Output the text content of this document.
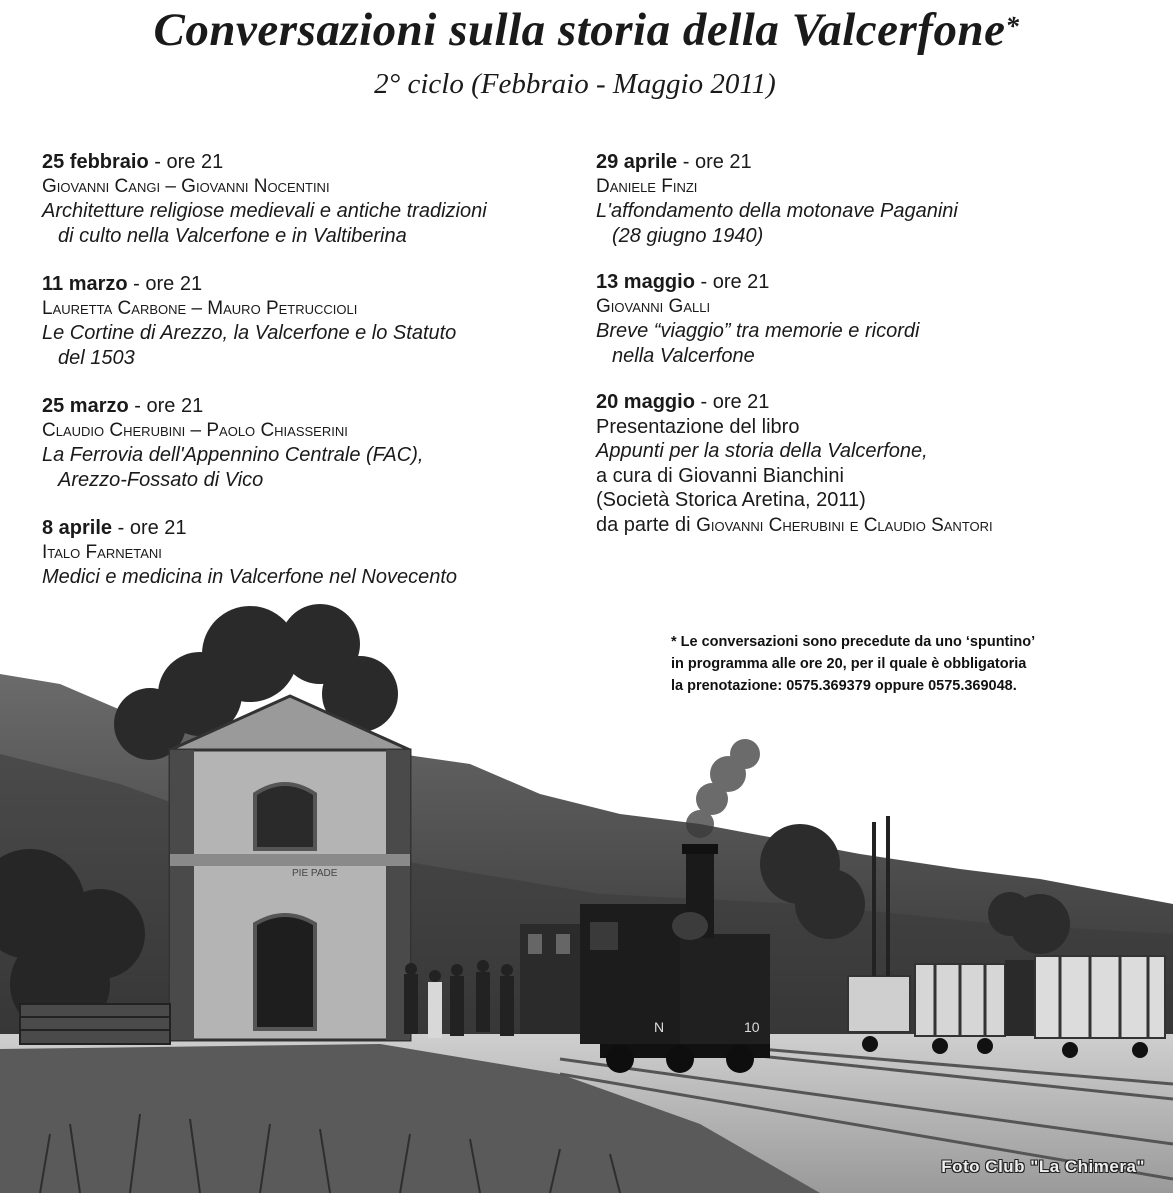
Conversazioni sulla storia della Valcerfone*
2° ciclo (Febbraio - Maggio 2011)
25 febbraio - ore 21
Giovanni Cangi – Giovanni Nocentini
Architetture religiose medievali e antiche tradizioni
di culto nella Valcerfone e in Valtiberina
11 marzo - ore 21
Lauretta Carbone – Mauro Petruccioli
Le Cortine di Arezzo, la Valcerfone e lo Statuto
del 1503
25 marzo - ore 21
Claudio Cherubini – Paolo Chiasserini
La Ferrovia dell'Appennino Centrale (FAC),
Arezzo-Fossato di Vico
8 aprile - ore 21
Italo Farnetani
Medici e medicina in Valcerfone nel Novecento
29 aprile - ore 21
Daniele Finzi
L'affondamento della motonave Paganini
(28 giugno 1940)
13 maggio - ore 21
Giovanni Galli
Breve “viaggio” tra memorie e ricordi
nella Valcerfone
20 maggio - ore 21
Presentazione del libro
Appunti per la storia della Valcerfone,
a cura di Giovanni Bianchini
(Società Storica Aretina, 2011)
da parte di Giovanni Cherubini e Claudio Santori
PIE PADE
N	10
Foto Club "La Chimera"
* Le conversazioni sono precedute da uno ‘spuntino’
in programma alle ore 20, per il quale è obbligatoria
la prenotazione: 0575.369379 oppure 0575.369048.
